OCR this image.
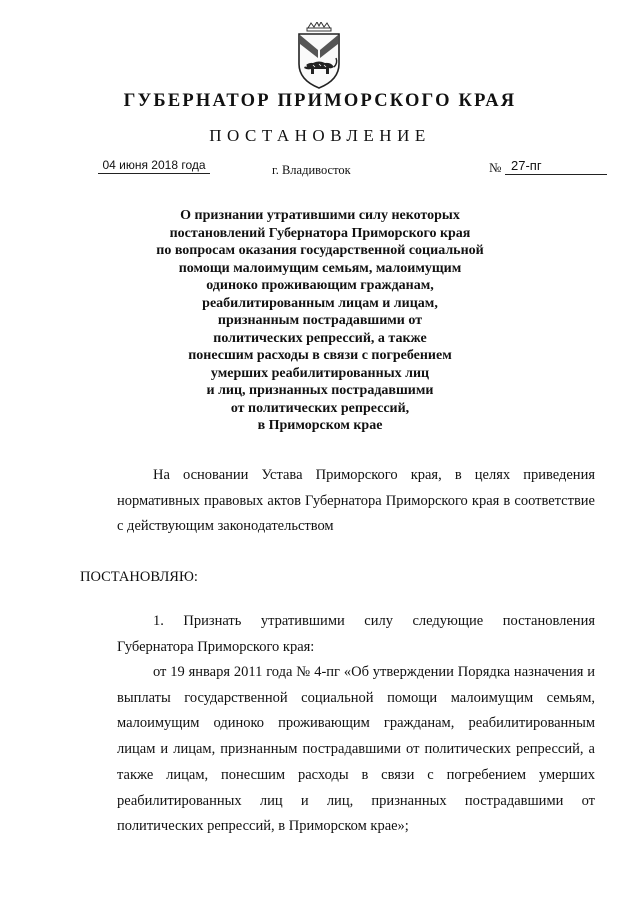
ГУБЕРНАТОР ПРИМОРСКОГО КРАЯ
ПОСТАНОВЛЕНИЕ
04 июня 2018 года	г. Владивосток	№ 27-пг
О признании утратившими силу некоторых
постановлений Губернатора Приморского края
по вопросам оказания государственной социальной
помощи малоимущим семьям, малоимущим
одиноко проживающим гражданам,
реабилитированным лицам и лицам,
признанным пострадавшими от
политических репрессий, а также
понесшим расходы в связи с погребением
умерших реабилитированных лиц
и лиц, признанных пострадавшими
от политических репрессий,
в Приморском крае

На основании Устава Приморского края, в целях приведения нормативных правовых актов Губернатора Приморского края в соответствие с действующим законодательством

ПОСТАНОВЛЯЮ:

1. Признать утратившими силу следующие постановления Губернатора Приморского края:

от 19 января 2011 года № 4-пг «Об утверждении Порядка назначения и выплаты государственной социальной помощи малоимущим семьям, малоимущим одиноко проживающим гражданам, реабилитированным лицам и лицам, признанным пострадавшими от политических репрессий, а также лицам, понесшим расходы в связи с погребением умерших реабилитированных лиц и лиц, признанных пострадавшими от политических репрессий, в Приморском крае»;
